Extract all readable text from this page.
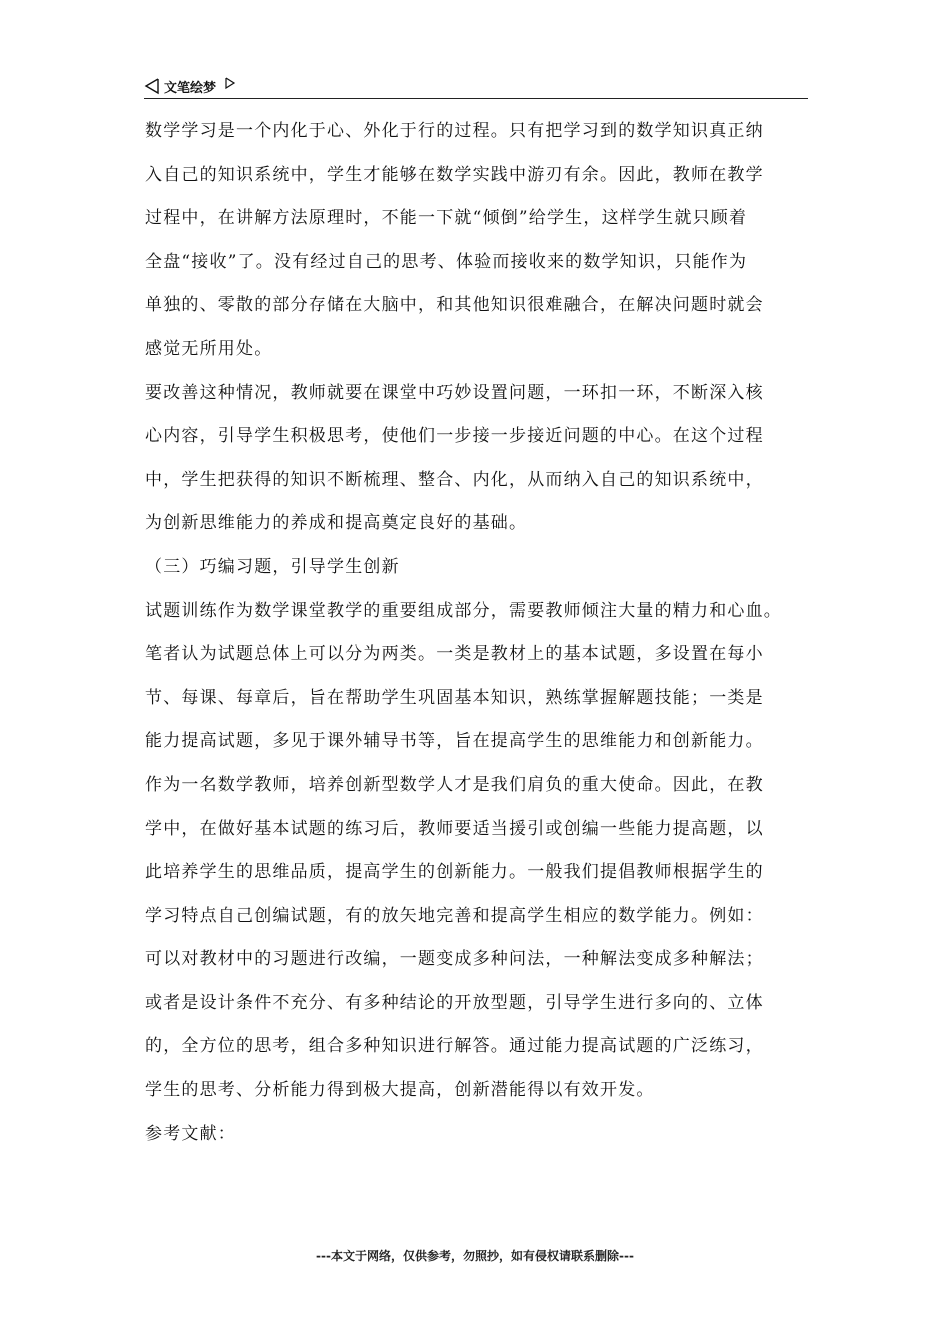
文笔绘梦
数学学习是一个内化于心、外化于行的过程。只有把学习到的数学知识真正纳
入自己的知识系统中，学生才能够在数学实践中游刃有余。因此，教师在教学
过程中，在讲解方法原理时，不能一下就“倾倒”给学生，这样学生就只顾着
全盘“接收”了。没有经过自己的思考、体验而接收来的数学知识，只能作为
单独的、零散的部分存储在大脑中，和其他知识很难融合，在解决问题时就会
感觉无所用处。
要改善这种情况，教师就要在课堂中巧妙设置问题，一环扣一环，不断深入核
心内容，引导学生积极思考，使他们一步接一步接近问题的中心。在这个过程
中，学生把获得的知识不断梳理、整合、内化，从而纳入自己的知识系统中，
为创新思维能力的养成和提高奠定良好的基础。
（三）巧编习题，引导学生创新
试题训练作为数学课堂教学的重要组成部分，需要教师倾注大量的精力和心血。
笔者认为试题总体上可以分为两类。一类是教材上的基本试题，多设置在每小
节、每课、每章后，旨在帮助学生巩固基本知识，熟练掌握解题技能；一类是
能力提高试题，多见于课外辅导书等，旨在提高学生的思维能力和创新能力。
作为一名数学教师，培养创新型数学人才是我们肩负的重大使命。因此，在教
学中，在做好基本试题的练习后，教师要适当援引或创编一些能力提高题，以
此培养学生的思维品质，提高学生的创新能力。一般我们提倡教师根据学生的
学习特点自己创编试题，有的放矢地完善和提高学生相应的数学能力。例如：
可以对教材中的习题进行改编，一题变成多种问法，一种解法变成多种解法；
或者是设计条件不充分、有多种结论的开放型题，引导学生进行多向的、立体
的，全方位的思考，组合多种知识进行解答。通过能力提高试题的广泛练习，
学生的思考、分析能力得到极大提高，创新潜能得以有效开发。
参考文献：
---本文于网络，仅供参考，勿照抄，如有侵权请联系删除---
